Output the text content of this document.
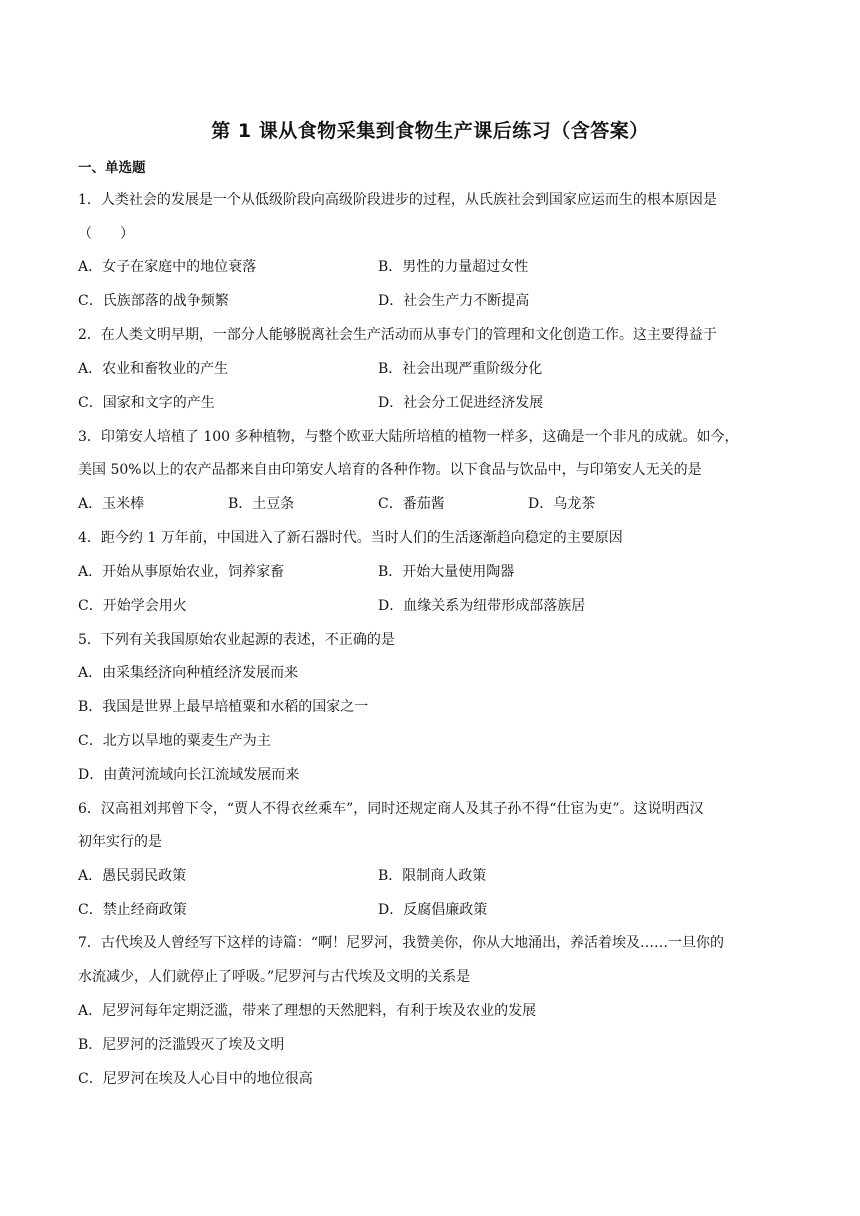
第 1 课从食物采集到食物生产课后练习（含答案）
一、单选题
1．人类社会的发展是一个从低级阶段向高级阶段进步的过程，从氏族社会到国家应运而生的根本原因是
（　　）
A．女子在家庭中的地位衰落	B．男性的力量超过女性
C．氏族部落的战争频繁	D．社会生产力不断提高
2．在人类文明早期，一部分人能够脱离社会生产活动而从事专门的管理和文化创造工作。这主要得益于
A．农业和畜牧业的产生	B．社会出现严重阶级分化
C．国家和文字的产生	D．社会分工促进经济发展
3．印第安人培植了 100 多种植物，与整个欧亚大陆所培植的植物一样多，这确是一个非凡的成就。如今，
美国 50%以上的农产品都来自由印第安人培育的各种作物。以下食品与饮品中，与印第安人无关的是
A．玉米棒	B．土豆条	C．番茄酱	D．乌龙茶
4．距今约 1 万年前，中国进入了新石器时代。当时人们的生活逐渐趋向稳定的主要原因
A．开始从事原始农业，饲养家畜	B．开始大量使用陶器
C．开始学会用火	D．血缘关系为纽带形成部落族居
5．下列有关我国原始农业起源的表述，不正确的是
A．由采集经济向种植经济发展而来
B．我国是世界上最早培植粟和水稻的国家之一
C．北方以旱地的粟麦生产为主
D．由黄河流域向长江流域发展而来
6．汉高祖刘邦曾下令，“贾人不得衣丝乘车”，同时还规定商人及其子孙不得“仕宦为吏”。这说明西汉
初年实行的是
A．愚民弱民政策	B．限制商人政策
C．禁止经商政策	D．反腐倡廉政策
7．古代埃及人曾经写下这样的诗篇：“啊！尼罗河，我赞美你，你从大地涌出，养活着埃及……一旦你的
水流减少，人们就停止了呼吸。”尼罗河与古代埃及文明的关系是
A．尼罗河每年定期泛滥，带来了理想的天然肥料，有利于埃及农业的发展
B．尼罗河的泛滥毁灭了埃及文明
C．尼罗河在埃及人心目中的地位很高
